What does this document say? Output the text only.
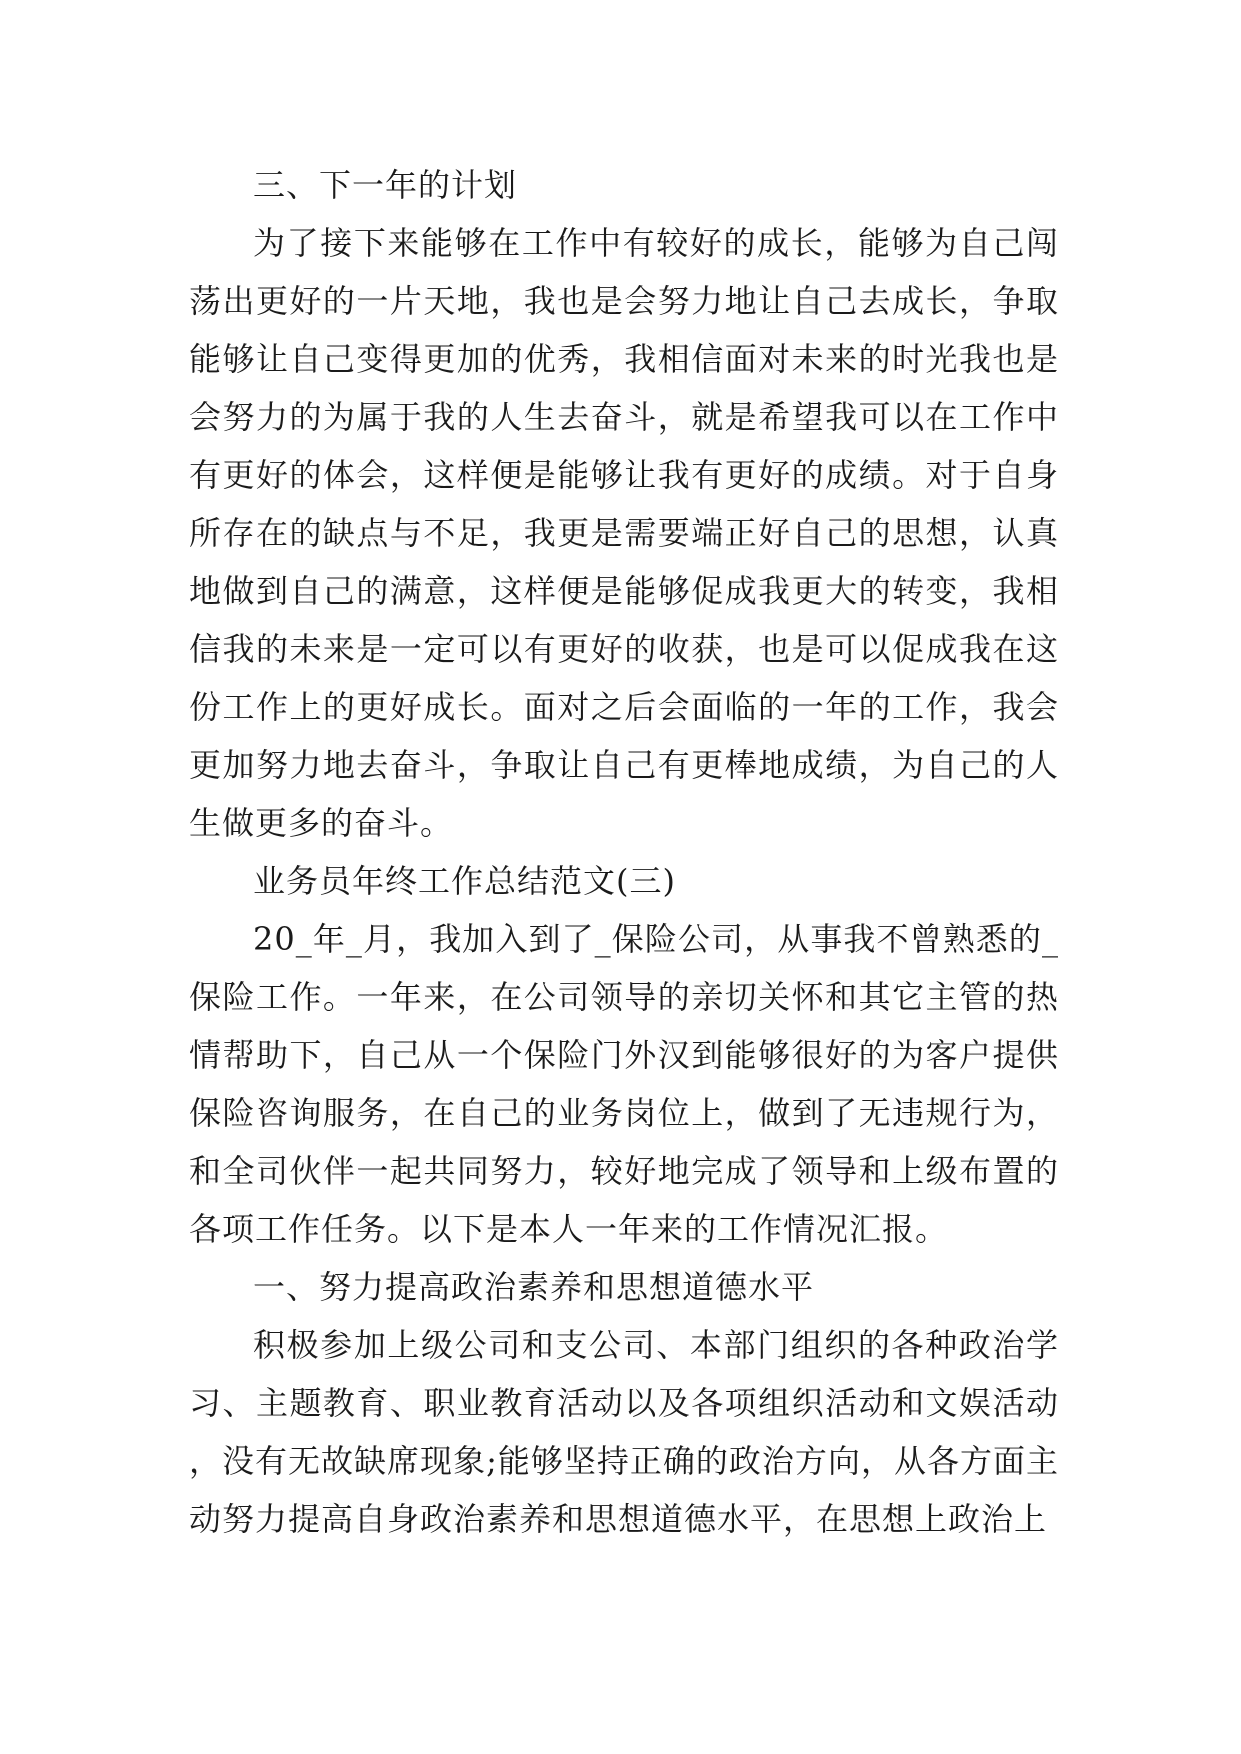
三、下一年的计划

为了接下来能够在工作中有较好的成长，能够为自己闯荡出更好的一片天地，我也是会努力地让自己去成长，争取能够让自己变得更加的优秀，我相信面对未来的时光我也是会努力的为属于我的人生去奋斗，就是希望我可以在工作中有更好的体会，这样便是能够让我有更好的成绩。对于自身所存在的缺点与不足，我更是需要端正好自己的思想，认真地做到自己的满意，这样便是能够促成我更大的转变，我相信我的未来是一定可以有更好的收获，也是可以促成我在这份工作上的更好成长。面对之后会面临的一年的工作，我会更加努力地去奋斗，争取让自己有更棒地成绩，为自己的人生做更多的奋斗。

业务员年终工作总结范文(三)

20_年_月，我加入到了_保险公司，从事我不曾熟悉的_保险工作。一年来，在公司领导的亲切关怀和其它主管的热情帮助下，自己从一个保险门外汉到能够很好的为客户提供保险咨询服务，在自己的业务岗位上，做到了无违规行为，和全司伙伴一起共同努力，较好地完成了领导和上级布置的各项工作任务。以下是本人一年来的工作情况汇报。

一、努力提高政治素养和思想道德水平

积极参加上级公司和支公司、本部门组织的各种政治学习、主题教育、职业教育活动以及各项组织活动和文娱活动，没有无故缺席现象;能够坚持正确的政治方向，从各方面主动努力提高自身政治素养和思想道德水平，在思想上政治上
